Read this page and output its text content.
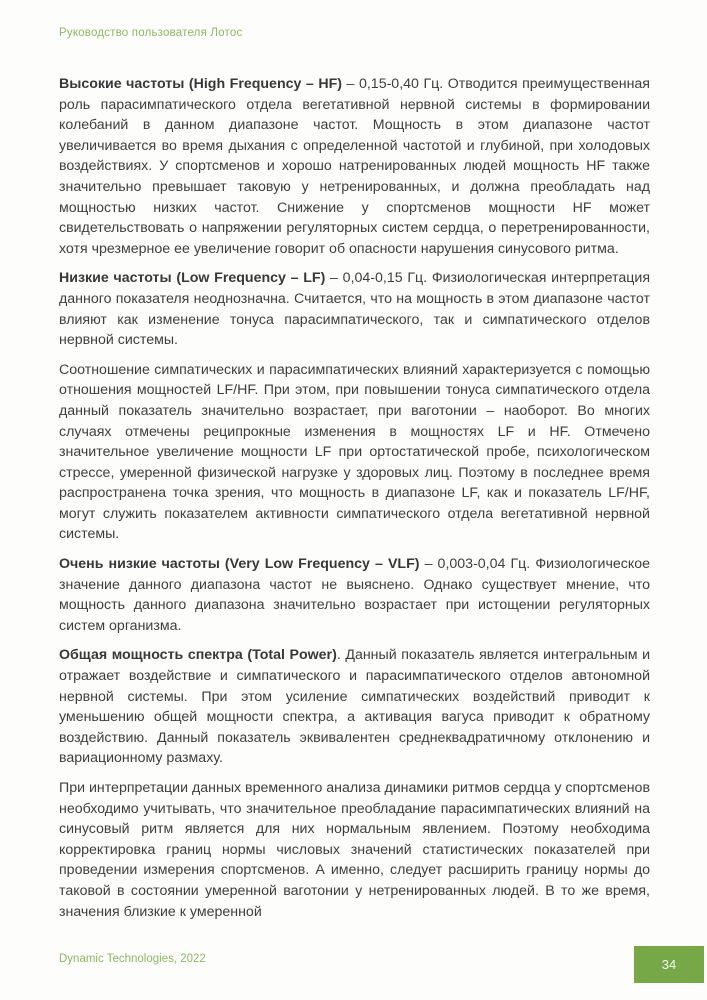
Руководство пользователя Лотос

Высокие частоты (High Frequency – HF) – 0,15-0,40 Гц. Отводится преимущественная роль парасимпатического отдела вегетативной нервной системы в формировании колебаний в данном диапазоне частот. Мощность в этом диапазоне частот увеличивается во время дыхания с определенной частотой и глубиной, при холодовых воздействиях. У спортсменов и хорошо натренированных людей мощность HF также значительно превышает таковую у нетренированных, и должна преобладать над мощностью низких частот. Снижение у спортсменов мощности HF может свидетельствовать о напряжении регуляторных систем сердца, о перетренированности, хотя чрезмерное ее увеличение говорит об опасности нарушения синусового ритма.

Низкие частоты (Low Frequency – LF) – 0,04-0,15 Гц. Физиологическая интерпретация данного показателя неоднозначна. Считается, что на мощность в этом диапазоне частот влияют как изменение тонуса парасимпатического, так и симпатического отделов нервной системы.

Соотношение симпатических и парасимпатических влияний характеризуется с помощью отношения мощностей LF/HF. При этом, при повышении тонуса симпатического отдела данный показатель значительно возрастает, при ваготонии – наоборот. Во многих случаях отмечены реципрокные изменения в мощностях LF и HF. Отмечено значительное увеличение мощности LF при ортостатической пробе, психологическом стрессе, умеренной физической нагрузке у здоровых лиц. Поэтому в последнее время распространена точка зрения, что мощность в диапазоне LF, как и показатель LF/HF, могут служить показателем активности симпатического отдела вегетативной нервной системы.

Очень низкие частоты (Very Low Frequency – VLF) – 0,003-0,04 Гц. Физиологическое значение данного диапазона частот не выяснено. Однако существует мнение, что мощность данного диапазона значительно возрастает при истощении регуляторных систем организма.

Общая мощность спектра (Total Power). Данный показатель является интегральным и отражает воздействие и симпатического и парасимпатического отделов автономной нервной системы. При этом усиление симпатических воздействий приводит к уменьшению общей мощности спектра, а активация вагуса приводит к обратному воздействию. Данный показатель эквивалентен среднеквадратичному отклонению и вариационному размаху.

При интерпретации данных временного анализа динамики ритмов сердца у спортсменов необходимо учитывать, что значительное преобладание парасимпатических влияний на синусовый ритм является для них нормальным явлением. Поэтому необходима корректировка границ нормы числовых значений статистических показателей при проведении измерения спортсменов. А именно, следует расширить границу нормы до таковой в состоянии умеренной ваготонии у нетренированных людей. В то же время, значения близкие к умеренной

Dynamic Technologies, 2022	34
